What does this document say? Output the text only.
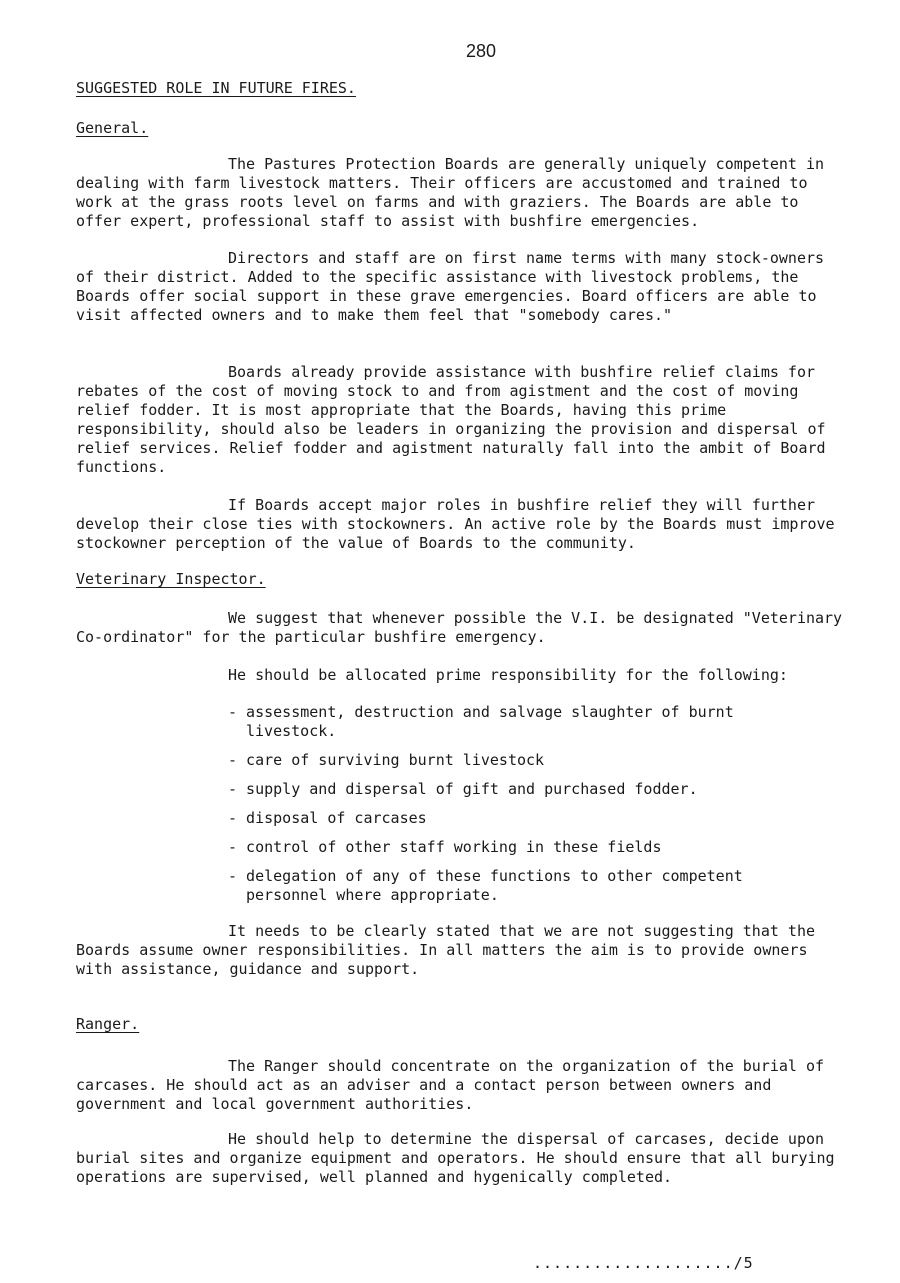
280
SUGGESTED ROLE IN FUTURE FIRES.
General.

The Pastures Protection Boards are generally uniquely competent in dealing with farm livestock matters. Their officers are accustomed and trained to work at the grass roots level on farms and with graziers. The Boards are able to offer expert, professional staff to assist with bushfire emergencies.

Directors and staff are on first name terms with many stock-owners of their district. Added to the specific assistance with livestock problems, the Boards offer social support in these grave emergencies. Board officers are able to visit affected owners and to make them feel that "somebody cares."

Boards already provide assistance with bushfire relief claims for rebates of the cost of moving stock to and from agistment and the cost of moving relief fodder. It is most appropriate that the Boards, having this prime responsibility, should also be leaders in organizing the provision and dispersal of relief services. Relief fodder and agistment naturally fall into the ambit of Board functions.

If Boards accept major roles in bushfire relief they will further develop their close ties with stockowners. An active role by the Boards must improve stockowner perception of the value of Boards to the community.

Veterinary Inspector.

We suggest that whenever possible the V.I. be designated "Veterinary Co-ordinator" for the particular bushfire emergency.

He should be allocated prime responsibility for the following:

- assessment, destruction and salvage slaughter of burnt livestock.
- care of surviving burnt livestock
- supply and dispersal of gift and purchased fodder.
- disposal of carcases
- control of other staff working in these fields
- delegation of any of these functions to other competent personnel where appropriate.

It needs to be clearly stated that we are not suggesting that the Boards assume owner responsibilities. In all matters the aim is to provide owners with assistance, guidance and support.

Ranger.

The Ranger should concentrate on the organization of the burial of carcases. He should act as an adviser and a contact person between owners and government and local government authorities.

He should help to determine the dispersal of carcases, decide upon burial sites and organize equipment and operators. He should ensure that all burying operations are supervised, well planned and hygenically completed.

..................../5
